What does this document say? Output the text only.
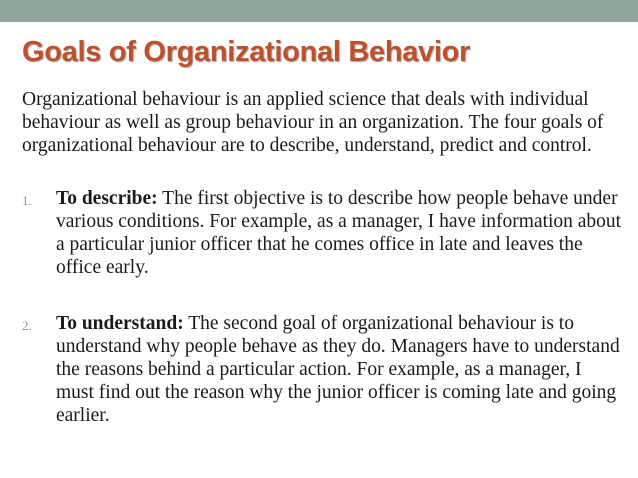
Goals of Organizational Behavior

Organizational behaviour is an applied science that deals with individual behaviour as well as group behaviour in an organization. The four goals of organizational behaviour are to describe, understand, predict and control.

1. To describe: The first objective is to describe how people behave under various conditions. For example, as a manager, I have information about a particular junior officer that he comes office in late and leaves the office early.
2. To understand: The second goal of organizational behaviour is to understand why people behave as they do. Managers have to understand the reasons behind a particular action. For example, as a manager, I must find out the reason why the junior officer is coming late and going earlier.
